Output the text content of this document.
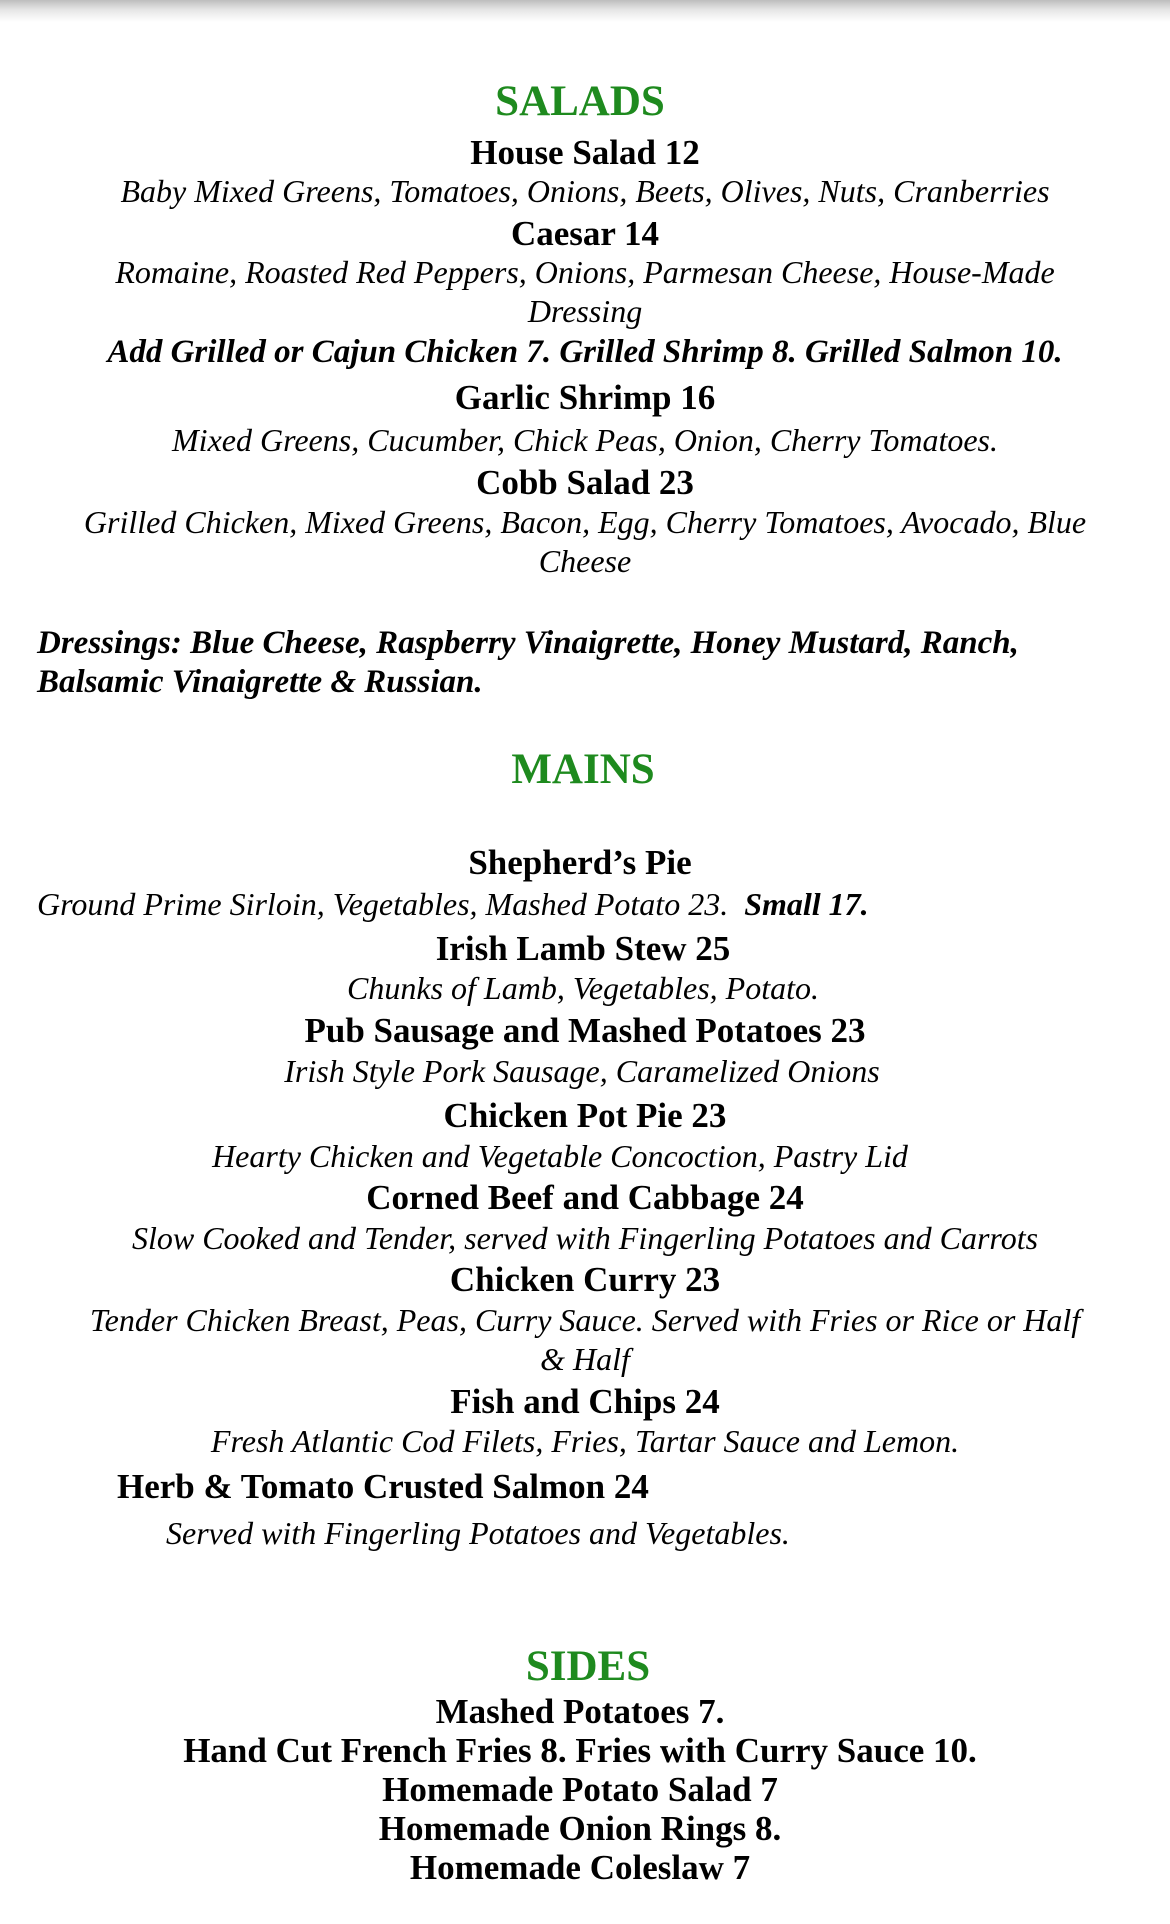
SALADS
House Salad 12
Baby Mixed Greens, Tomatoes, Onions, Beets, Olives, Nuts, Cranberries
Caesar 14
Romaine, Roasted Red Peppers, Onions, Parmesan Cheese, House-Made
Dressing
Add Grilled or Cajun Chicken 7. Grilled Shrimp 8. Grilled Salmon 10.
Garlic Shrimp 16
Mixed Greens, Cucumber, Chick Peas, Onion, Cherry Tomatoes.
Cobb Salad 23
Grilled Chicken, Mixed Greens, Bacon, Egg, Cherry Tomatoes, Avocado, Blue
Cheese
Dressings: Blue Cheese, Raspberry Vinaigrette, Honey Mustard, Ranch,
Balsamic Vinaigrette & Russian.
MAINS
Shepherd’s Pie
Ground Prime Sirloin, Vegetables, Mashed Potato 23. Small 17.
Irish Lamb Stew 25
Chunks of Lamb, Vegetables, Potato.
Pub Sausage and Mashed Potatoes 23
Irish Style Pork Sausage, Caramelized Onions
Chicken Pot Pie 23
Hearty Chicken and Vegetable Concoction, Pastry Lid
Corned Beef and Cabbage 24
Slow Cooked and Tender, served with Fingerling Potatoes and Carrots
Chicken Curry 23
Tender Chicken Breast, Peas, Curry Sauce. Served with Fries or Rice or Half
& Half
Fish and Chips 24
Fresh Atlantic Cod Filets, Fries, Tartar Sauce and Lemon.
Herb & Tomato Crusted Salmon 24
Served with Fingerling Potatoes and Vegetables.
SIDES
Mashed Potatoes 7.
Hand Cut French Fries 8. Fries with Curry Sauce 10.
Homemade Potato Salad 7
Homemade Onion Rings 8.
Homemade Coleslaw 7
